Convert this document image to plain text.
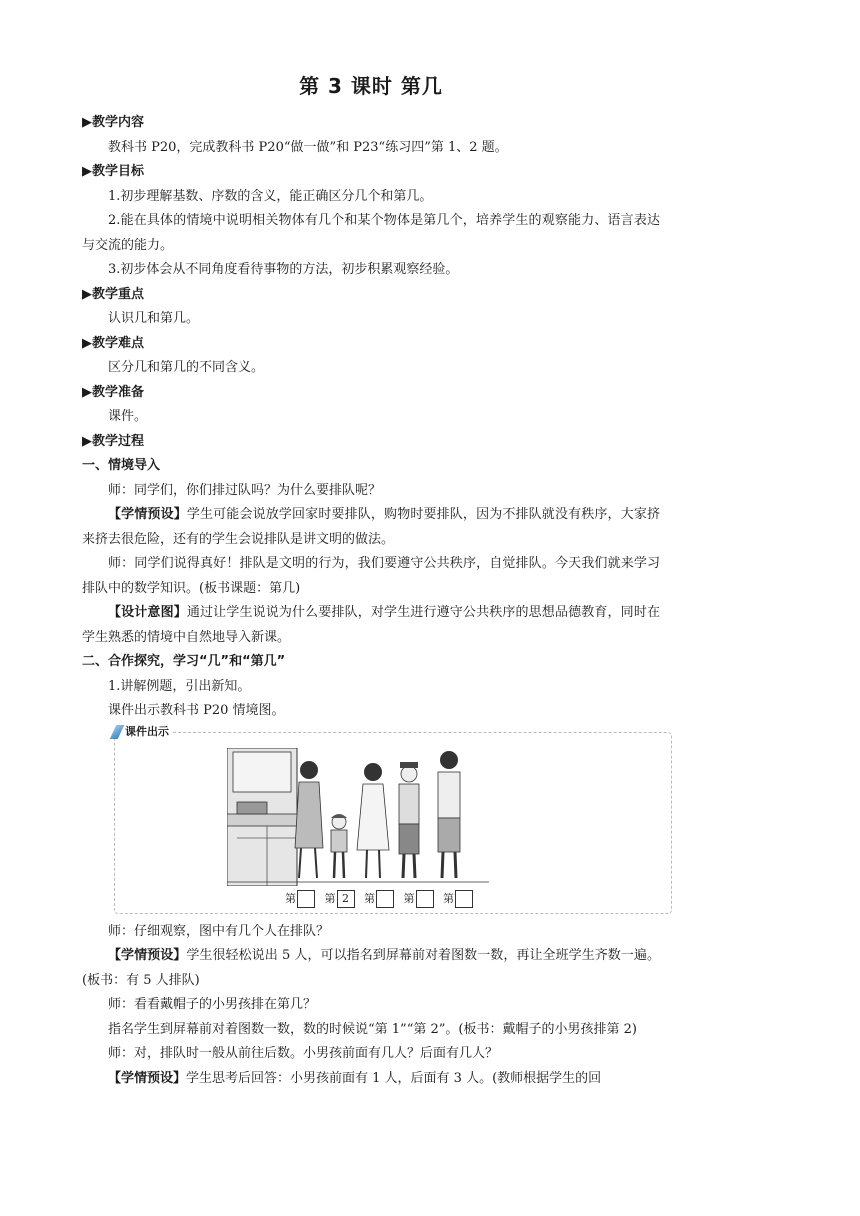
第 3 课时 第几
▶教学内容

教科书 P20，完成教科书 P20“做一做”和 P23“练习四”第 1、2 题。

▶教学目标

1.初步理解基数、序数的含义，能正确区分几个和第几。

2.能在具体的情境中说明相关物体有几个和某个物体是第几个，培养学生的观察能力、语言表达与交流的能力。

3.初步体会从不同角度看待事物的方法，初步积累观察经验。

▶教学重点

认识几和第几。

▶教学难点

区分几和第几的不同含义。

▶教学准备

课件。

▶教学过程
一、情境导入

师：同学们，你们排过队吗？为什么要排队呢？

【学情预设】学生可能会说放学回家时要排队，购物时要排队，因为不排队就没有秩序，大家挤来挤去很危险，还有的学生会说排队是讲文明的做法。

师：同学们说得真好！排队是文明的行为，我们要遵守公共秩序，自觉排队。今天我们就来学习排队中的数学知识。(板书课题：第几)

【设计意图】通过让学生说说为什么要排队，对学生进行遵守公共秩序的思想品德教育，同时在学生熟悉的情境中自然地导入新课。

二、合作探究，学习“几”和“第几”

1.讲解例题，引出新知。

课件出示教科书 P20 情境图。

课件出示
第	第 2 第	第	第

师：仔细观察，图中有几个人在排队？

【学情预设】学生很轻松说出 5 人，可以指名到屏幕前对着图数一数，再让全班学生齐数一遍。(板书：有 5 人排队)

师：看看戴帽子的小男孩排在第几？

指名学生到屏幕前对着图数一数，数的时候说“第 1”“第 2”。(板书：戴帽子的小男孩排第 2)

师：对，排队时一般从前往后数。小男孩前面有几人？后面有几人？

【学情预设】学生思考后回答：小男孩前面有 1 人，后面有 3 人。(教师根据学生的回
